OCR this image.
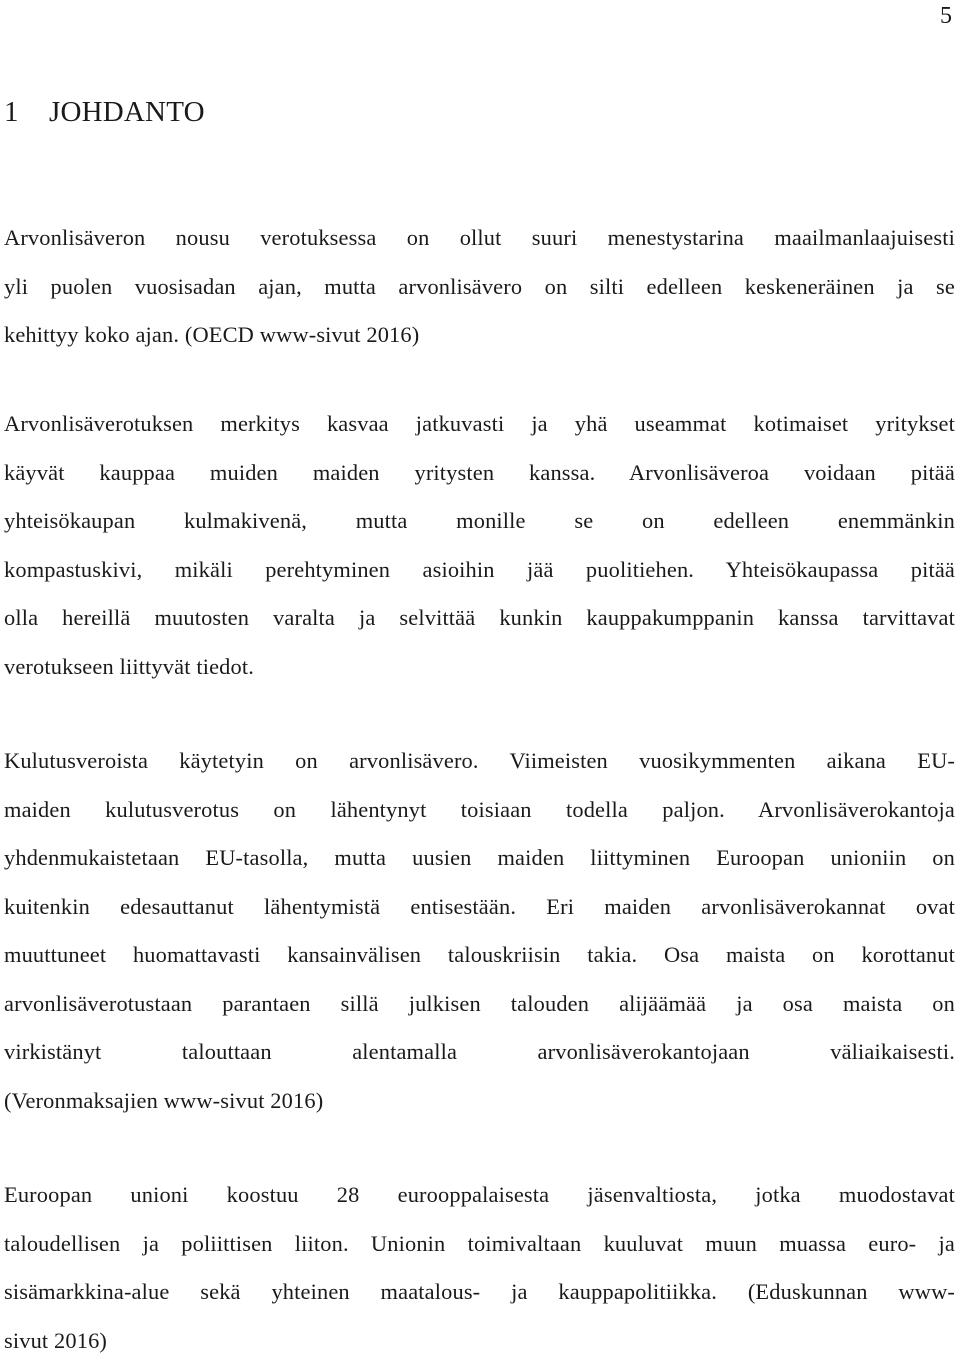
5
1 JOHDANTO

Arvonlisäveron nousu verotuksessa on ollut suuri menestystarina maailmanlaajuisesti
yli puolen vuosisadan ajan, mutta arvonlisävero on silti edelleen keskeneräinen ja se
kehittyy koko ajan. (OECD www-sivut 2016)

Arvonlisäverotuksen merkitys kasvaa jatkuvasti ja yhä useammat kotimaiset yritykset
käyvät kauppaa muiden maiden yritysten kanssa. Arvonlisäveroa voidaan pitää
yhteisökaupan kulmakivenä, mutta monille se on edelleen enemmänkin
kompastuskivi, mikäli perehtyminen asioihin jää puolitiehen. Yhteisökaupassa pitää
olla hereillä muutosten varalta ja selvittää kunkin kauppakumppanin kanssa tarvittavat
verotukseen liittyvät tiedot.

Kulutusveroista käytetyin on arvonlisävero. Viimeisten vuosikymmenten aikana EU-
maiden kulutusverotus on lähentynyt toisiaan todella paljon. Arvonlisäverokantoja
yhdenmukaistetaan EU-tasolla, mutta uusien maiden liittyminen Euroopan unioniin on
kuitenkin edesauttanut lähentymistä entisestään. Eri maiden arvonlisäverokannat ovat
muuttuneet huomattavasti kansainvälisen talouskriisin takia. Osa maista on korottanut
arvonlisäverotustaan parantaen sillä julkisen talouden alijäämää ja osa maista on
virkistänyt talouttaan alentamalla arvonlisäverokantojaan väliaikaisesti.
(Veronmaksajien www-sivut 2016)

Euroopan unioni koostuu 28 eurooppalaisesta jäsenvaltiosta, jotka muodostavat
taloudellisen ja poliittisen liiton. Unionin toimivaltaan kuuluvat muun muassa euro- ja
sisämarkkina-alue sekä yhteinen maatalous- ja kauppapolitiikka. (Eduskunnan www-
sivut 2016)
